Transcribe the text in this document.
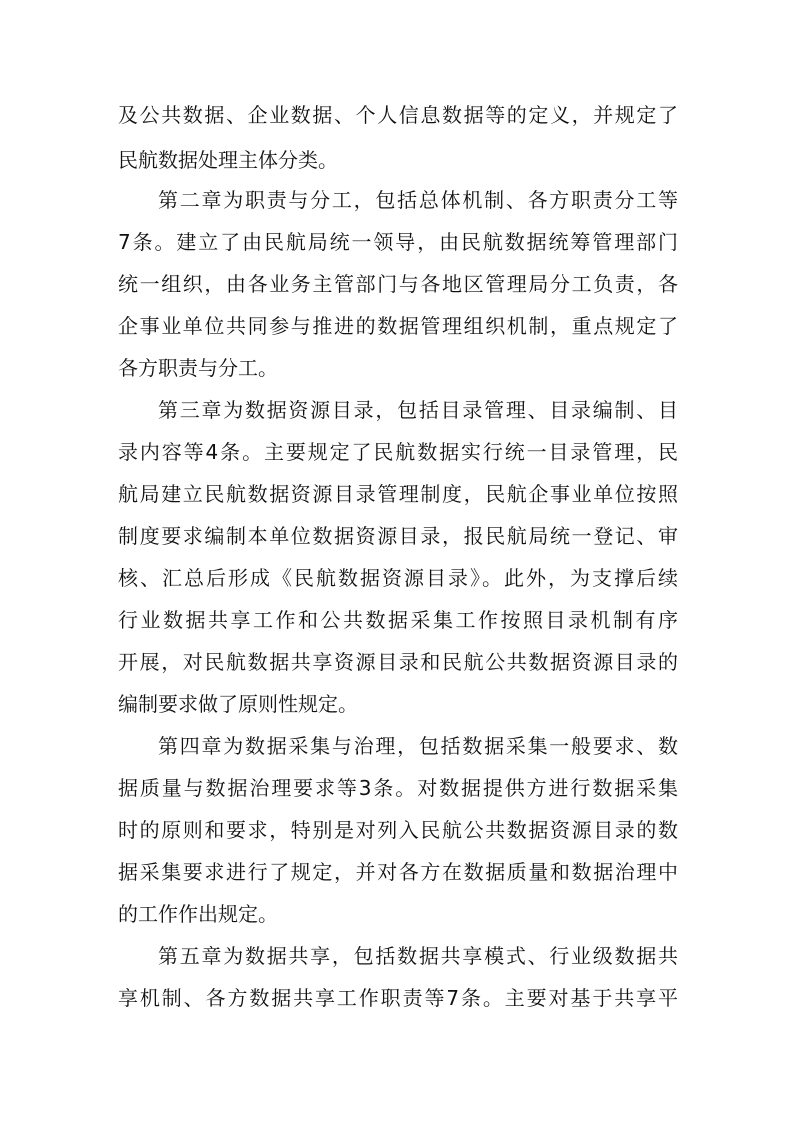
及公共数据、企业数据、个人信息数据等的定义，并规定了
民航数据处理主体分类。
第二章为职责与分工，包括总体机制、各方职责分工等
7条。建立了由民航局统一领导，由民航数据统筹管理部门
统一组织，由各业务主管部门与各地区管理局分工负责，各
企事业单位共同参与推进的数据管理组织机制，重点规定了
各方职责与分工。
第三章为数据资源目录，包括目录管理、目录编制、目
录内容等4条。主要规定了民航数据实行统一目录管理，民
航局建立民航数据资源目录管理制度，民航企事业单位按照
制度要求编制本单位数据资源目录，报民航局统一登记、审
核、汇总后形成《民航数据资源目录》。此外，为支撑后续
行业数据共享工作和公共数据采集工作按照目录机制有序
开展，对民航数据共享资源目录和民航公共数据资源目录的
编制要求做了原则性规定。
第四章为数据采集与治理，包括数据采集一般要求、数
据质量与数据治理要求等3条。对数据提供方进行数据采集
时的原则和要求，特别是对列入民航公共数据资源目录的数
据采集要求进行了规定，并对各方在数据质量和数据治理中
的工作作出规定。
第五章为数据共享，包括数据共享模式、行业级数据共
享机制、各方数据共享工作职责等7条。主要对基于共享平
